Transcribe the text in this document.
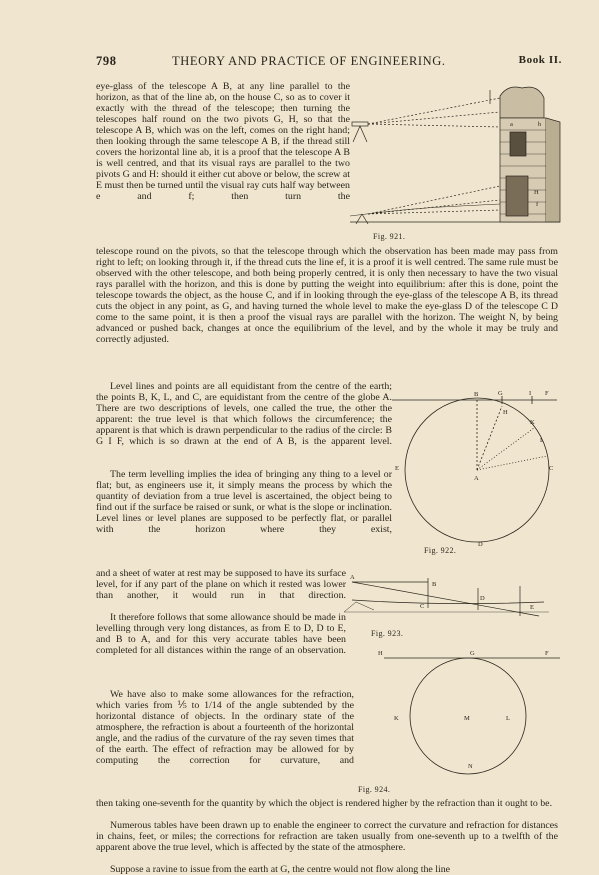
798	THEORY AND PRACTICE OF ENGINEERING.	Book II.

eye-glass of the telescope A B, at any line parallel to the horizon, as that of the line ab, on the house C, so as to cover it exactly with the thread of the telescope; then turning the telescopes half round on the two pivots G, H, so that the telescope A B, which was on the left, comes on the right hand; then looking through the same telescope A B, if the thread still covers the horizontal line ab, it is a proof that the telescope A B is well centred, and that its visual rays are parallel to the two pivots G and H: should it either cut above or below, the screw at E must then be turned until the visual ray cuts half way between e and f; then turn the

a	b
H
f
Fig. 921.

telescope round on the pivots, so that the telescope through which the observation has been made may pass from right to left; on looking through it, if the thread cuts the line ef, it is a proof it is well centred. The same rule must be observed with the other telescope, and both being properly centred, it is only then necessary to have the two visual rays parallel with the horizon, and this is done by putting the weight into equilibrium: after this is done, point the telescope towards the object, as the house C, and if in looking through the eye-glass of the telescope A B, its thread cuts the object in any point, as G, and having turned the whole level to make the eye-glass D of the telescope C D come to the same point, it is then a proof the visual rays are parallel with the horizon. The weight N, by being advanced or pushed back, changes at once the equilibrium of the level, and by the whole it may be truly and correctly adjusted.

Level lines and points are all equidistant from the centre of the earth; the points B, K, L, and C, are equidistant from the centre of the globe A. There are two descriptions of levels, one called the true, the other the apparent: the true level is that which follows the circumference; the apparent is that which is drawn perpendicular to the radius of the circle: B G I F, which is so drawn at the end of A B, is the apparent level.

B	G	I F
H
K
L
E
A
C
D

The term levelling implies the idea of bringing any thing to a level or flat; but, as engineers use it, it simply means the process by which the quantity of deviation from a true level is ascertained, the object being to find out if the surface be raised or sunk, or what is the slope or inclination. Level lines or level planes are supposed to be perfectly flat, or parallel with the horizon where they exist,

Fig. 922.

and a sheet of water at rest may be supposed to have its surface level, for if any part of the plane on which it rested was lower than another, it would run in that direction.

A
B
C
D
E
Fig. 923.

It therefore follows that some allowance should be made in levelling through very long distances, as from E to D, D to E, and B to A, and for this very accurate tables have been completed for all distances within the range of an observation.	H	G	F
K	M	L
N

We have also to make some allowances for the refraction, which varies from ⅕ to 1/14 of the angle subtended by the horizontal distance of objects. In the ordinary state of the atmosphere, the refraction is about a fourteenth of the horizontal angle, and the radius of the curvature of the ray seven times that of the earth. The effect of refraction may be allowed for by computing the correction for curvature, and

Fig. 924.

then taking one-seventh for the quantity by which the object is rendered higher by the refraction than it ought to be.

Numerous tables have been drawn up to enable the engineer to correct the curvature and refraction for distances in chains, feet, or miles; the corrections for refraction are taken usually from one-seventh up to a twelfth of the apparent above the true level, which is affected by the state of the atmosphere.

Suppose a ravine to issue from the earth at G, the centre would not flow along the line
